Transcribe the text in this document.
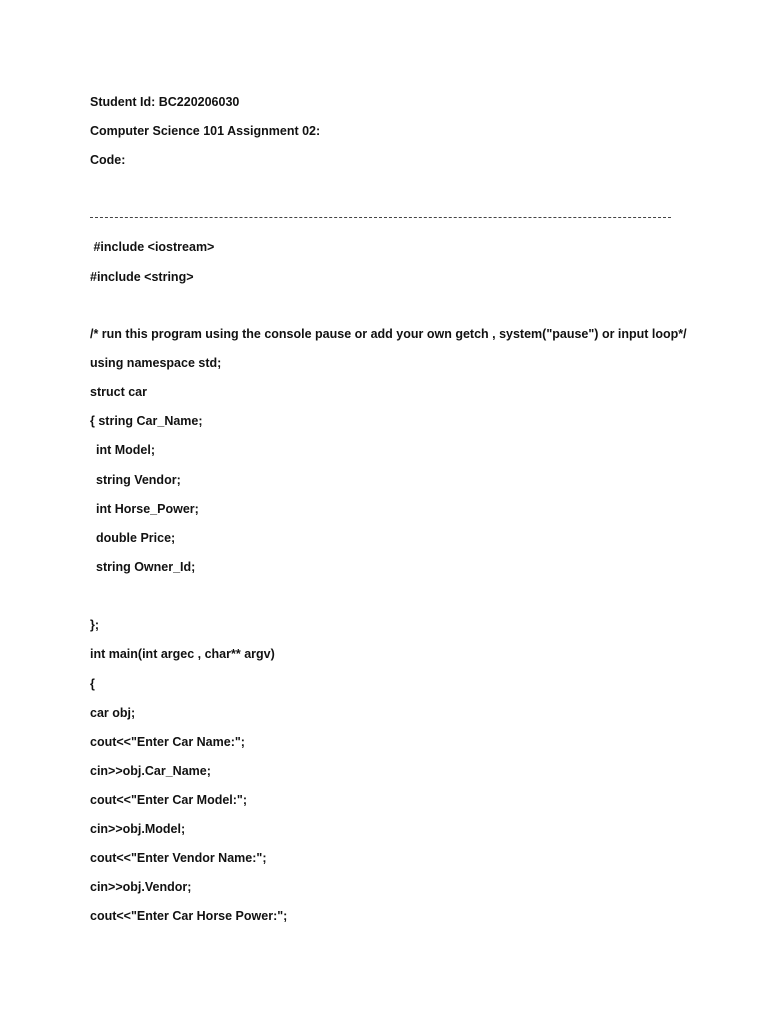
Student Id: BC220206030
Computer Science 101 Assignment 02:
Code:
#include <iostream>
#include <string>
/* run this program using the console pause or add your own getch , system("pause") or input loop*/
using namespace std;
struct car
{ string Car_Name;
int Model;
string Vendor;
int Horse_Power;
double Price;
string Owner_Id;
};
int main(int argec , char** argv)
{
car obj;
cout<<"Enter Car Name:";
cin>>obj.Car_Name;
cout<<"Enter Car Model:";
cin>>obj.Model;
cout<<"Enter Vendor Name:";
cin>>obj.Vendor;
cout<<"Enter Car Horse Power:";
